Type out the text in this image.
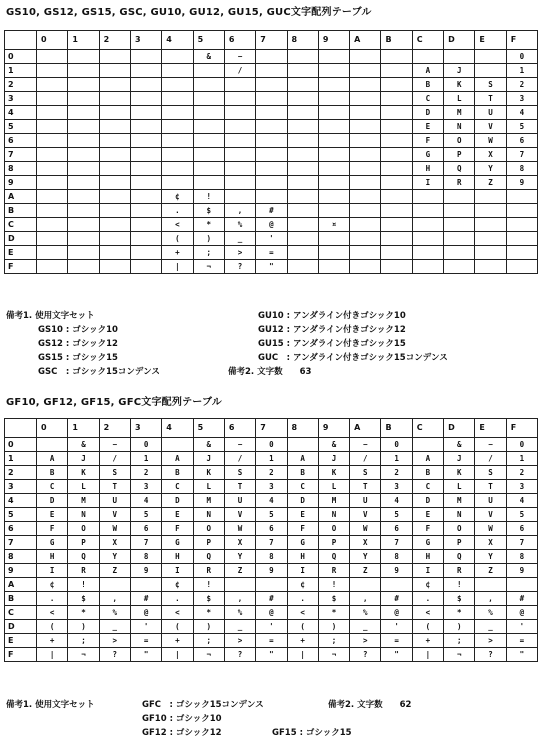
GS10, GS12, GS15, GSC, GU10, GU12, GU15, GUC文字配列テーブル
	0	1	2	3	4	5	6	7	8	9	A	B	C	D	E	F
0						&	−									0
1							/						A	J		1
2													B	K	S	2
3													C	L	T	3
4													D	M	U	4
5													E	N	V	5
6													F	O	W	6
7													G	P	X	7
8													H	Q	Y	8
9													I	R	Z	9
A					¢	!										
B					.	$	,	#								
C					<	*	%	@		¤						
D					(	)	_	'								
E					+	;	>	=								
F					|	¬	?	"								
備考1. 使用文字セット
GS10 : ゴシック10
GS12 : ゴシック12
GS15 : ゴシック15
GSC　: ゴシック15コンデンス
GU10 : アンダライン付きゴシック10
GU12 : アンダライン付きゴシック12
GU15 : アンダライン付きゴシック15
GUC　: アンダライン付きゴシック15コンデンス
備考2. 文字数　　63
GF10, GF12, GF15, GFC文字配列テーブル
	0	1	2	3	4	5	6	7	8	9	A	B	C	D	E	F
0		&	−	0		&	−	0		&	−	0		&	−	0
1	A	J	/	1	A	J	/	1	A	J	/	1	A	J	/	1
2	B	K	S	2	B	K	S	2	B	K	S	2	B	K	S	2
3	C	L	T	3	C	L	T	3	C	L	T	3	C	L	T	3
4	D	M	U	4	D	M	U	4	D	M	U	4	D	M	U	4
5	E	N	V	5	E	N	V	5	E	N	V	5	E	N	V	5
6	F	O	W	6	F	O	W	6	F	O	W	6	F	O	W	6
7	G	P	X	7	G	P	X	7	G	P	X	7	G	P	X	7
8	H	Q	Y	8	H	Q	Y	8	H	Q	Y	8	H	Q	Y	8
9	I	R	Z	9	I	R	Z	9	I	R	Z	9	I	R	Z	9
A	¢	!			¢	!			¢	!			¢	!		
B	.	$	,	#	.	$	,	#	.	$	,	#	.	$	,	#
C	<	*	%	@	<	*	%	@	<	*	%	@	<	*	%	@
D	(	)	_	'	(	)	_	'	(	)	_	'	(	)	_	'
E	+	;	>	=	+	;	>	=	+	;	>	=	+	;	>	=
F	|	¬	?	"	|	¬	?	"	|	¬	?	"	|	¬	?	"
備考1. 使用文字セット	GFC　: ゴシック15コンデンス	備考2. 文字数　　62
GF10 : ゴシック10
GF12 : ゴシック12	GF15 : ゴシック15
